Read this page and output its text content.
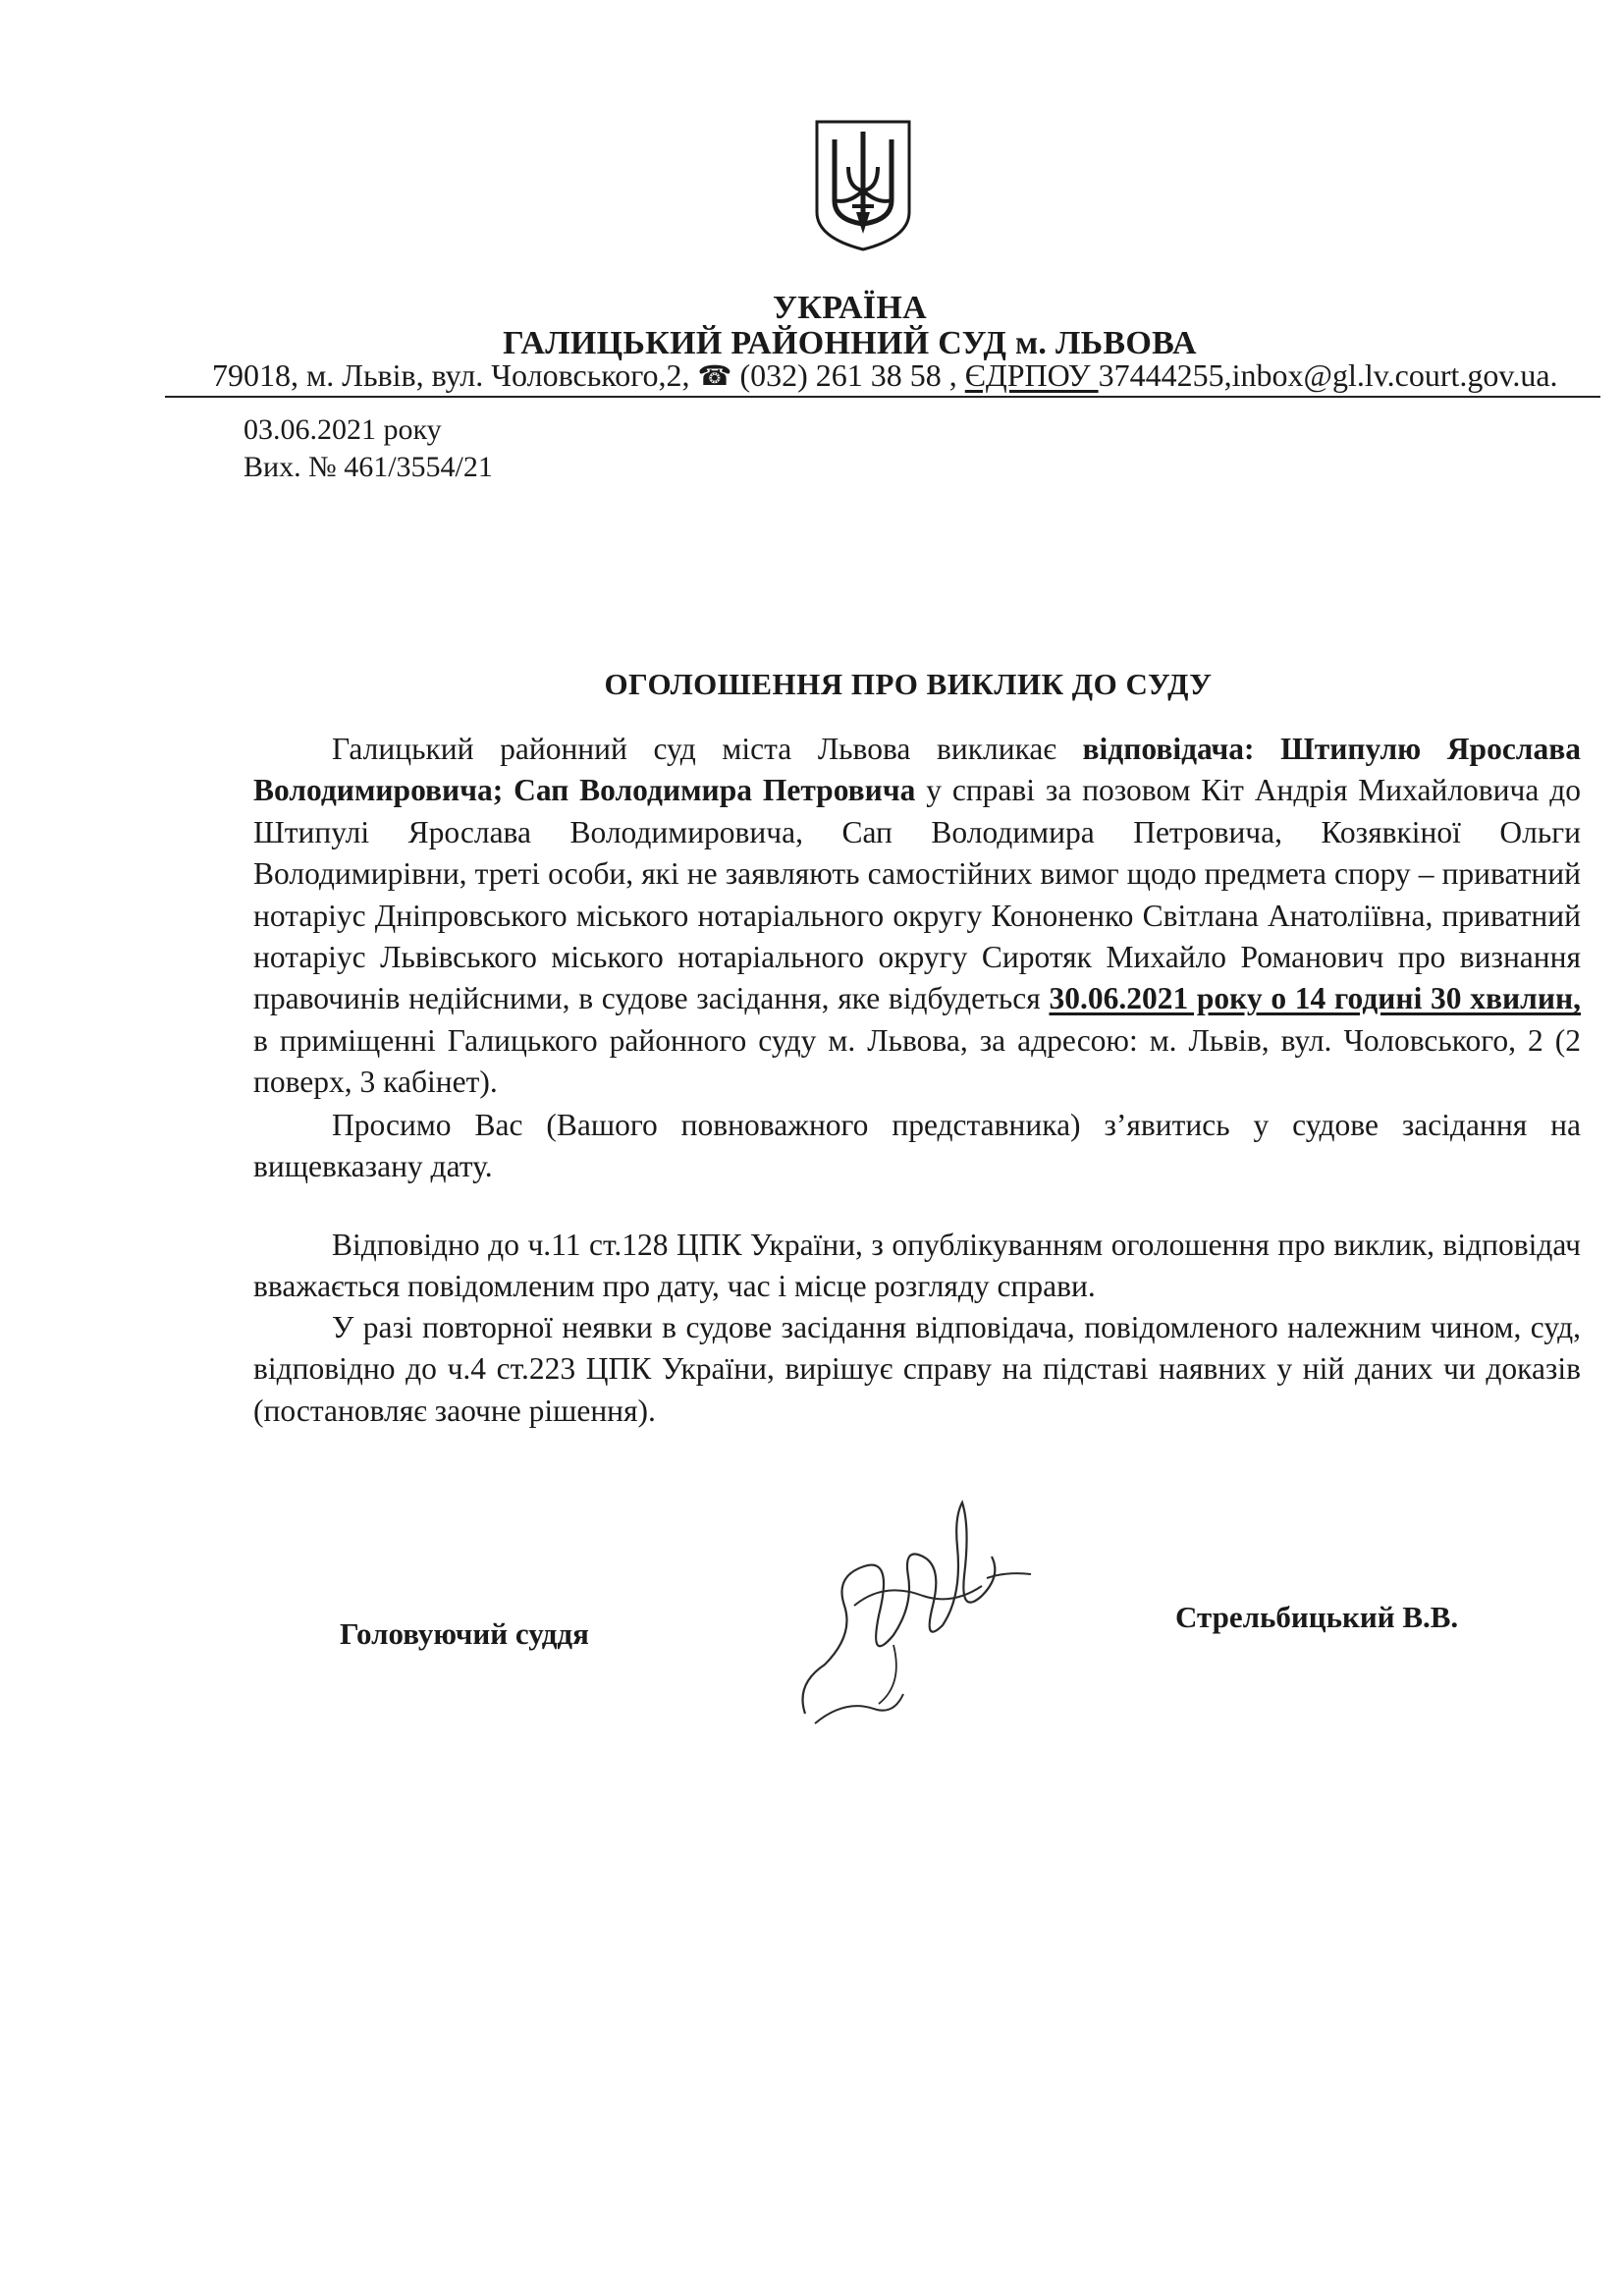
УКРАЇНА
ГАЛИЦЬКИЙ РАЙОННИЙ СУД м. ЛЬВОВА
79018, м. Львів, вул. Чоловського,2, ☎ (032) 261 38 58 , ЄДРПОУ 37444255,inbox@gl.lv.court.gov.ua.
03.06.2021 року
Вих. № 461/3554/21
ОГОЛОШЕННЯ ПРО ВИКЛИК ДО СУДУ

Галицький районний суд міста Львова викликає відповідача: Штипулю Ярослава Володимировича; Сап Володимира Петровича у справі за позовом Кіт Андрія Михайловича до Штипулі Ярослава Володимировича, Сап Володимира Петровича, Козявкіної Ольги Володимирівни, треті особи, які не заявляють самостійних вимог щодо предмета спору – приватний нотаріус Дніпровського міського нотаріального округу Кононенко Світлана Анатоліївна, приватний нотаріус Львівського міського нотаріального округу Сиротяк Михайло Романович про визнання правочинів недійсними, в судове засідання, яке відбудеться 30.06.2021 року о 14 годині 30 хвилин, в приміщенні Галицького районного суду м. Львова, за адресою: м. Львів, вул. Чоловського, 2 (2 поверх, 3 кабінет).

Просимо Вас (Вашого повноважного представника) з’явитись у судове засідання на вищевказану дату.

Відповідно до ч.11 ст.128 ЦПК України, з опублікуванням оголошення про виклик, відповідач вважається повідомленим про дату, час і місце розгляду справи.

У разі повторної неявки в судове засідання відповідача, повідомленого належним чином, суд, відповідно до ч.4 ст.223 ЦПК України, вирішує справу на підставі наявних у ній даних чи доказів (постановляє заочне рішення).

Головуючий суддя	Стрельбицький В.В.
